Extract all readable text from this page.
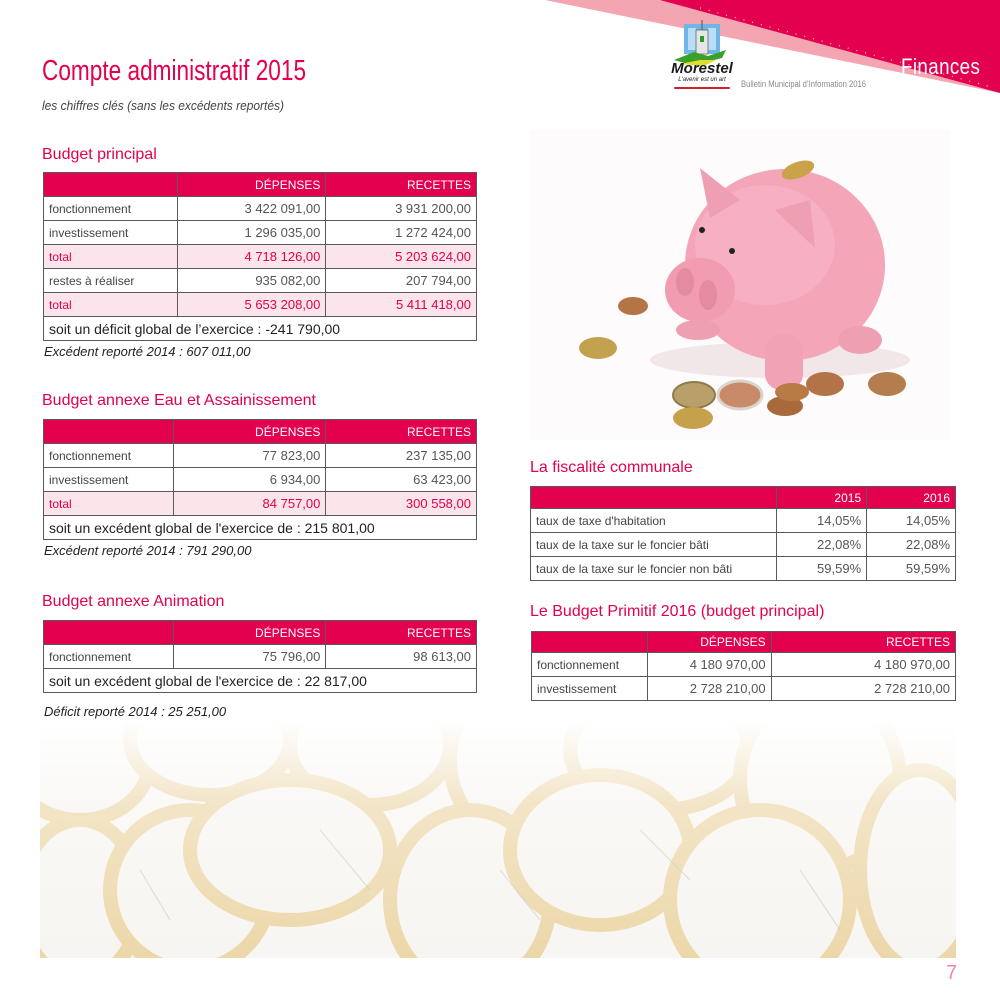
Finances
Morestel
L'avenir est un art	Bulletin Municipal d’Information 2016
Compte administratif 2015
les chiffres clés (sans les excédents reportés)
Budget principal
	DÉPENSES	RECETTES
fonctionnement	3 422 091,00	3 931 200,00
investissement	1 296 035,00	1 272 424,00
total	4 718 126,00	5 203 624,00
restes à réaliser	935 082,00	207 794,00
total	5 653 208,00	5 411 418,00
soit un déficit global de l’exercice : -241 790,00		
Excédent reporté 2014 : 607 011,00
Budget annexe Eau et Assainissement
	DÉPENSES	RECETTES
fonctionnement	77 823,00	237 135,00
investissement	6 934,00	63 423,00
total	84 757,00	300 558,00
soit un excédent global de l'exercice de : 215 801,00		
Excédent reporté 2014 : 791 290,00
Budget annexe Animation
	DÉPENSES	RECETTES
fonctionnement	75 796,00	98 613,00
soit un excédent global de l'exercice de : 22 817,00		
Déficit reporté 2014 : 25 251,00
La fiscalité communale
	2015	2016
taux de taxe d'habitation	14,05%	14,05%
taux de la taxe sur le foncier bâti	22,08%	22,08%
taux de la taxe sur le foncier non bâti	59,59%	59,59%
Le Budget Primitif 2016 (budget principal)
	DÉPENSES	RECETTES
fonctionnement	4 180 970,00	4 180 970,00
investissement	2 728 210,00	2 728 210,00
7
